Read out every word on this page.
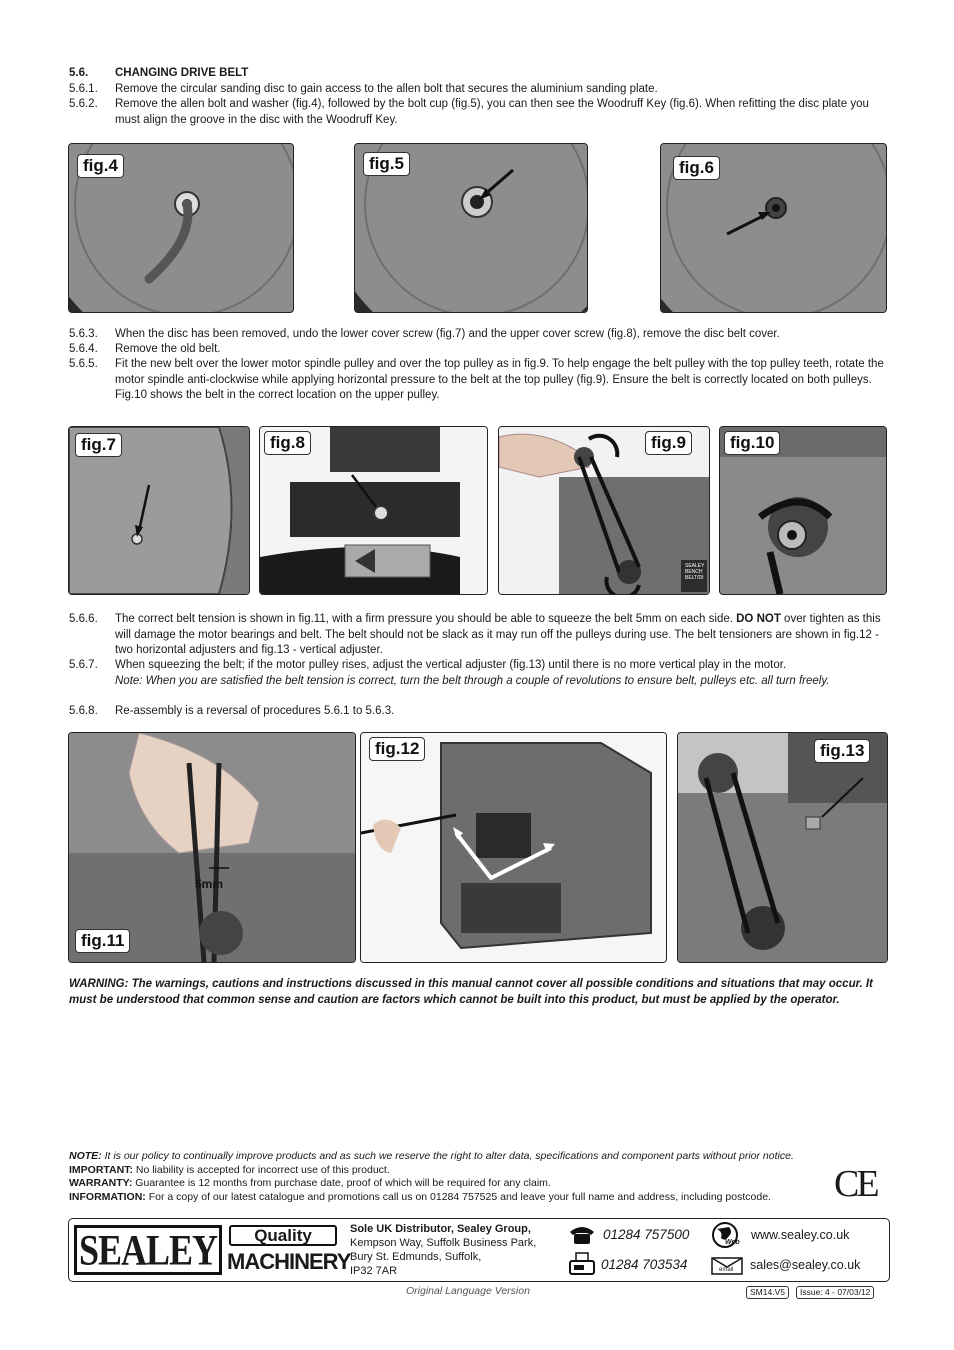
5.6. CHANGING DRIVE BELT
5.6.1.	Remove the circular sanding disc to gain access to the allen bolt that secures the aluminium sanding plate.
5.6.2.	Remove the allen bolt and washer (fig.4), followed by the bolt cup (fig.5), you can then see the Woodruff Key (fig.6). When refitting the disc plate you must align the groove in the disc with the Woodruff Key.
fig.4	fig.5	fig.6
5.6.3.	When the disc has been removed, undo the lower cover screw (fig.7) and the upper cover screw (fig.8), remove the disc belt cover.
5.6.4.	Remove the old belt.
5.6.5.	Fit the new belt over the lower motor spindle pulley and over the top pulley as in fig.9. To help engage the belt pulley with the top pulley teeth, rotate the motor spindle anti-clockwise while applying horizontal pressure to the belt at the top pulley (fig.9). Ensure the belt is correctly located on both pulleys. Fig.10 shows the belt in the correct location on the upper pulley.
fig.7	fig.8	fig.9
SEALEY
BENCH BELT/DI
fig.10
5.6.6.	The correct belt tension is shown in fig.11, with a firm pressure you should be able to squeeze the belt 5mm on each side. DO NOT over tighten as this will damage the motor bearings and belt. The belt should not be slack as it may run off the pulleys during use. The belt tensioners are shown in fig.12 - two horizontal adjusters and fig.13 - vertical adjuster.
5.6.7.	When squeezing the belt; if the motor pulley rises, adjust the vertical adjuster (fig.13) until there is no more vertical play in the motor.
Note: When you are satisfied the belt tension is correct, turn the belt through a couple of revolutions to ensure belt, pulleys etc. all turn freely.
5.6.8.	Re-assembly is a reversal of procedures 5.6.1 to 5.6.3.
5mm
fig.11
fig.12	fig.13
WARNING: The warnings, cautions and instructions discussed in this manual cannot cover all possible conditions and situations that may occur. It must be understood that common sense and caution are factors which cannot be built into this product, but must be applied by the operator.
NOTE: It is our policy to continually improve products and as such we reserve the right to alter data, specifications and component parts without prior notice.
IMPORTANT: No liability is accepted for incorrect use of this product.
WARRANTY: Guarantee is 12 months from purchase date, proof of which will be required for any claim.
INFORMATION: For a copy of our latest catalogue and promotions call us on 01284 757525 and leave your full name and address, including postcode.	CE
SEALEY	Quality
MACHINERY
Sole UK Distributor, Sealey Group,
Kempson Way, Suffolk Business Park,
Bury St. Edmunds, Suffolk,
IP32 7AR
01284 757500
01284 703534
Web
www.sealey.co.uk
email sales@sealey.co.uk
Original Language Version	SM14.V5	Issue: 4 - 07/03/12
